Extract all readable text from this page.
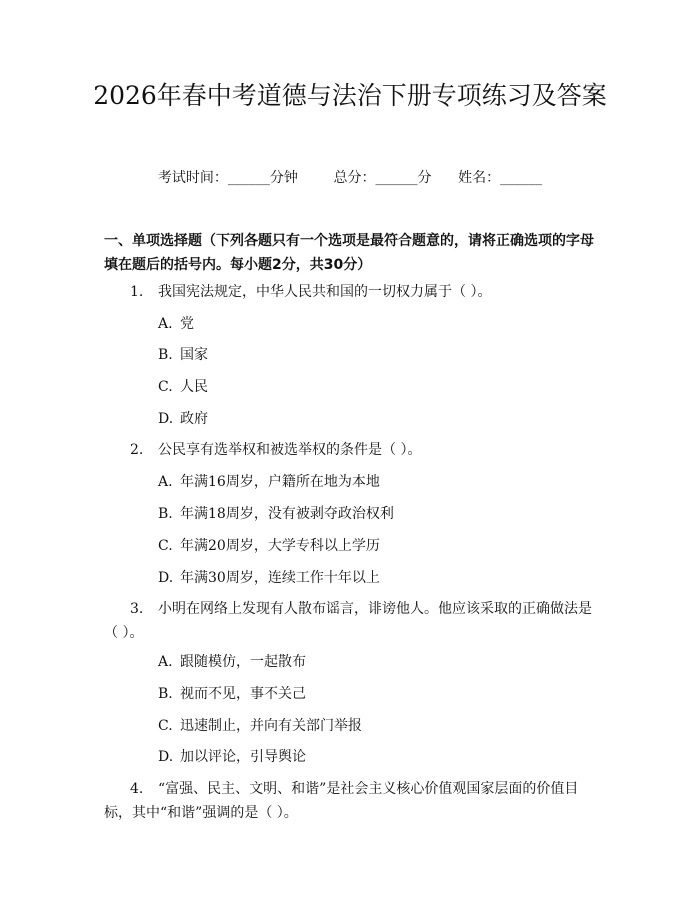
2026年春中考道德与法治下册专项练习及答案
考试时间：______分钟	总分：______分 姓名：______

一、单项选择题（下列各题只有一个选项是最符合题意的，请将正确选项的字母填在题后的括号内。每小题2分，共30分）

1. 我国宪法规定，中华人民共和国的一切权力属于（ ）。
A. 党
B. 国家
C. 人民
D. 政府
2. 公民享有选举权和被选举权的条件是（ ）。
A. 年满16周岁，户籍所在地为本地
B. 年满18周岁，没有被剥夺政治权利
C. 年满20周岁，大学专科以上学历
D. 年满30周岁，连续工作十年以上
3. 小明在网络上发现有人散布谣言，诽谤他人。他应该采取的正确做法是（ ）。
A. 跟随模仿，一起散布
B. 视而不见，事不关己
C. 迅速制止，并向有关部门举报
D. 加以评论，引导舆论
4. “富强、民主、文明、和谐”是社会主义核心价值观国家层面的价值目标，其中“和谐”强调的是（ ）。
